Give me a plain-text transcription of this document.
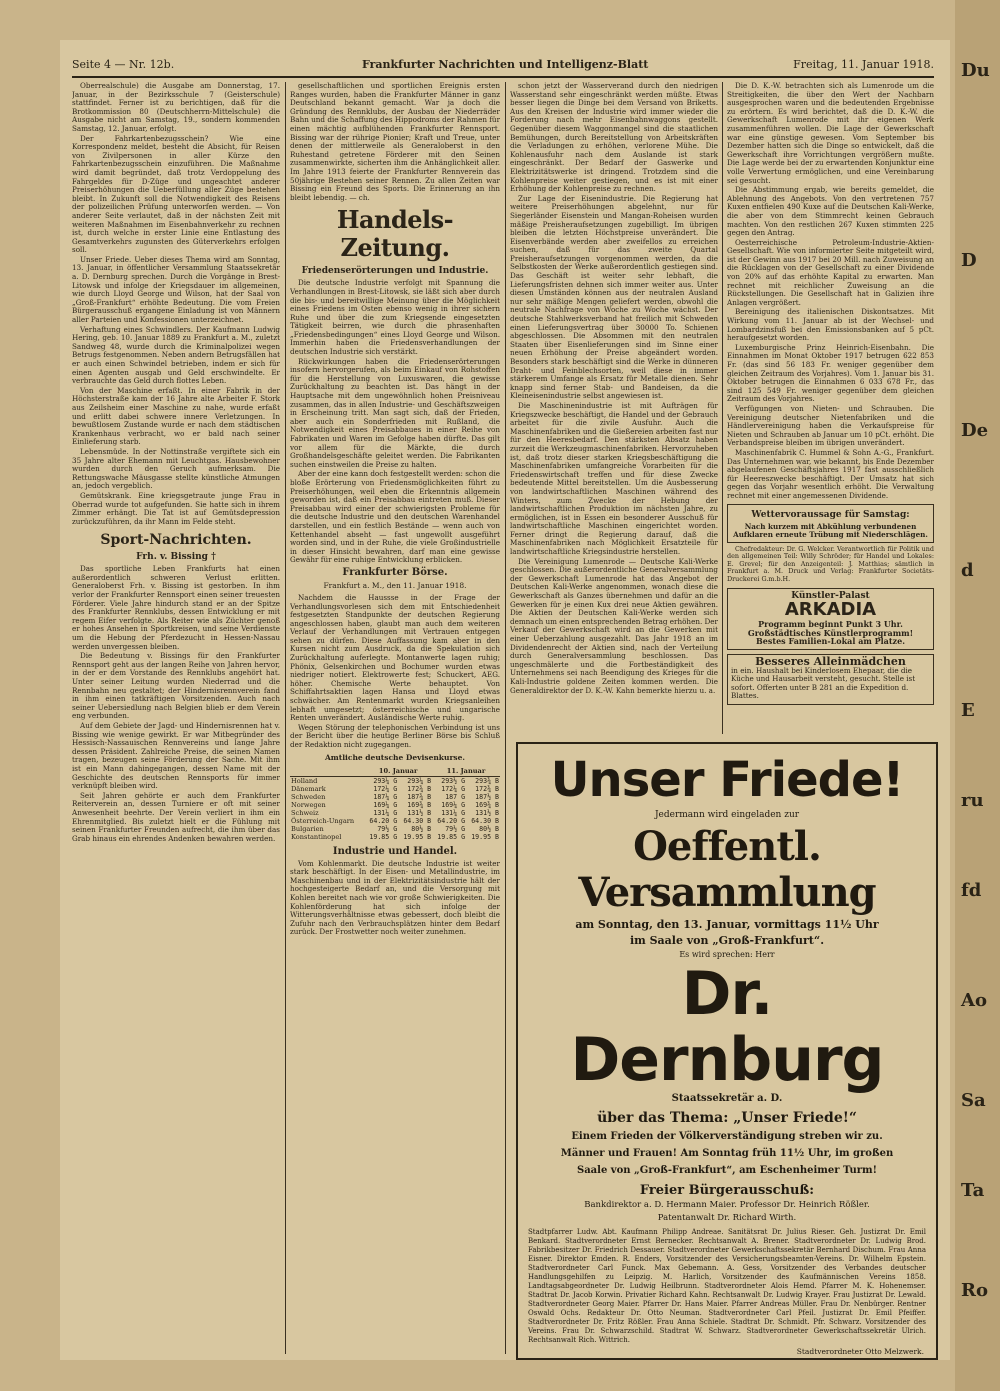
Du
D
De
d
E
ru
fd
Ao
Sa
Ta
Ro
Seite 4 — Nr. 12b.	Frankfurter Nachrichten und Intelligenz-Blatt	Freitag, 11. Januar 1918.

Oberrealschule) die Ausgabe am Donnerstag, 17. Januar, in der Bezirksschule 7 (Geisterschule) stattfindet. Ferner ist zu berichtigen, daß für die Brotkommission 80 (Deutschherrn-Mittelschule) die Ausgabe nicht am Samstag, 19., sondern kommenden Samstag, 12. Januar, erfolgt.

Der Fahrkartenbezugsschein? Wie eine Korrespondenz meldet, besteht die Absicht, für Reisen von Zivilpersonen in aller Kürze den Fahrkartenbezugsschein einzuführen. Die Maßnahme wird damit begründet, daß trotz Verdoppelung des Fahrgeldes für D-Züge und ungeachtet anderer Preiserhöhungen die Ueberfüllung aller Züge bestehen bleibt. In Zukunft soll die Notwendigkeit des Reisens der polizeilichen Prüfung unterworfen werden. — Von anderer Seite verlautet, daß in der nächsten Zeit mit weiteren Maßnahmen im Eisenbahnverkehr zu rechnen ist, durch welche in erster Linie eine Entlastung des Gesamtverkehrs zugunsten des Güterverkehrs erfolgen soll.

Unser Friede. Ueber dieses Thema wird am Sonntag, 13. Januar, in öffentlicher Versammlung Staatssekretär a. D. Dernburg sprechen. Durch die Vorgänge in Brest-Litowsk und infolge der Kriegsdauer im allgemeinen, wie durch Lloyd George und Wilson, hat der Saal von „Groß-Frankfurt“ erhöhte Bedeutung. Die vom Freien Bürgerausschuß ergangene Einladung ist von Männern aller Parteien und Konfessionen unterzeichnet.

Verhaftung eines Schwindlers. Der Kaufmann Ludwig Hering, geb. 10. Januar 1889 zu Frankfurt a. M., zuletzt Sandweg 48, wurde durch die Kriminalpolizei wegen Betrugs festgenommen. Neben andern Betrugsfällen hat er auch einen Schwindel betrieben, indem er sich für einen Agenten ausgab und Geld erschwindelte. Er verbrauchte das Geld durch flottes Leben.

Von der Maschine erfaßt. In einer Fabrik in der Höchsterstraße kam der 16 Jahre alte Arbeiter F. Stork aus Zeilsheim einer Maschine zu nahe, wurde erfaßt und erlitt dabei schwere innere Verletzungen. In bewußtlosem Zustande wurde er nach dem städtischen Krankenhaus verbracht, wo er bald nach seiner Einlieferung starb.

Lebensmüde. In der Nottinstraße vergiftete sich ein 35 Jahre alter Ehemann mit Leuchtgas. Hausbewohner wurden durch den Geruch aufmerksam. Die Rettungswache Mäusgasse stellte künstliche Atmungen an, jedoch vergeblich.

Gemütskrank. Eine kriegsgetraute junge Frau in Oberrad wurde tot aufgefunden. Sie hatte sich in ihrem Zimmer erhängt. Die Tat ist auf Gemütsdepression zurückzuführen, da ihr Mann im Felde steht.

Sport-Nachrichten.
Frh. v. Bissing †

Das sportliche Leben Frankfurts hat einen außerordentlich schweren Verlust erlitten. Generaloberst Frh. v. Bissing ist gestorben. In ihm verlor der Frankfurter Rennsport einen seiner treuesten Förderer. Viele Jahre hindurch stand er an der Spitze des Frankfurter Rennklubs, dessen Entwicklung er mit regem Eifer verfolgte. Als Reiter wie als Züchter genoß er hohes Ansehen in Sportkreisen, und seine Verdienste um die Hebung der Pferdezucht in Hessen-Nassau werden unvergessen bleiben.

Die Bedeutung v. Bissings für den Frankfurter Rennsport geht aus der langen Reihe von Jahren hervor, in der er dem Vorstande des Rennklubs angehört hat. Unter seiner Leitung wurden Niederrad und die Rennbahn neu gestaltet; der Hindernisrennverein fand in ihm einen tatkräftigen Vorsitzenden. Auch nach seiner Uebersiedlung nach Belgien blieb er dem Verein eng verbunden.

Auf dem Gebiete der Jagd- und Hindernisrennen hat v. Bissing wie wenige gewirkt. Er war Mitbegründer des Hessisch-Nassauischen Rennvereins und lange Jahre dessen Präsident. Zahlreiche Preise, die seinen Namen tragen, bezeugen seine Förderung der Sache. Mit ihm ist ein Mann dahingegangen, dessen Name mit der Geschichte des deutschen Rennsports für immer verknüpft bleiben wird.

Seit Jahren gehörte er auch dem Frankfurter Reiterverein an, dessen Turniere er oft mit seiner Anwesenheit beehrte. Der Verein verliert in ihm ein Ehrenmitglied. Bis zuletzt hielt er die Fühlung mit seinen Frankfurter Freunden aufrecht, die ihm über das Grab hinaus ein ehrendes Andenken bewahren werden.

gesellschaftlichen und sportlichen Ereignis ersten Ranges wurden, haben die Frankfurter Männer in ganz Deutschland bekannt gemacht. War ja doch die Gründung des Rennklubs, der Ausbau der Niederräder Bahn und die Schaffung des Hippodroms der Rahmen für einen mächtig aufblühenden Frankfurter Rennsport. Bissing war der rührige Pionier; Kraft und Treue, unter denen der mittlerweile als Generaloberst in den Ruhestand getretene Förderer mit den Seinen zusammenwirkte, sicherten ihm die Anhänglichkeit aller. Im Jahre 1913 feierte der Frankfurter Rennverein das 50jährige Bestehen seiner Rennen. Zu allen Zeiten war Bissing ein Freund des Sports. Die Erinnerung an ihn bleibt lebendig. — ch.

Handels-Zeitung.
Friedenserörterungen und Industrie.

Die deutsche Industrie verfolgt mit Spannung die Verhandlungen in Brest-Litowsk, sie läßt sich aber durch die bis- und bereitwillige Meinung über die Möglichkeit eines Friedens im Osten ebenso wenig in ihrer sichern Ruhe und über die zum Kriegsende eingesetzten Tätigkeit beirren, wie durch die phrasenhaften „Friedensbedingungen“ eines Lloyd George und Wilson. Immerhin haben die Friedensverhandlungen der deutschen Industrie sich verstärkt.

Rückwirkungen haben die Friedenserörterungen insofern hervorgerufen, als beim Einkauf von Rohstoffen für die Herstellung von Luxuswaren, die gewisse Zurückhaltung zu beachten ist. Das hängt in der Hauptsache mit dem ungewöhnlich hohen Preisniveau zusammen, das in allen Industrie- und Geschäftszweigen in Erscheinung tritt. Man sagt sich, daß der Frieden, aber auch ein Sonderfrieden mit Rußland, die Notwendigkeit eines Preisabbaues in einer Reihe von Fabrikaten und Waren im Gefolge haben dürfte. Das gilt vor allem für die Märkte, die durch Großhandelsgeschäfte geleitet werden. Die Fabrikanten suchen einstweilen die Preise zu halten.

Aber der eine kann doch festgestellt werden: schon die bloße Erörterung von Friedensmöglichkeiten führt zu Preiserhöhungen, weil eben die Erkenntnis allgemein geworden ist, daß ein Preisabbau eintreten muß. Dieser Preisabbau wird einer der schwierigsten Probleme für die deutsche Industrie und den deutschen Warenhandel darstellen, und ein festlich Bestände — wenn auch von Kettenhandel abseht — fast ungewollt ausgeführt worden sind, und in der Ruhe, die viele Großindustrielle in dieser Hinsicht bewahren, darf man eine gewisse Gewähr für eine ruhige Entwicklung erblicken.

Frankfurter Börse.
Frankfurt a. M., den 11. Januar 1918.

Nachdem die Haussse in der Frage der Verhandlungsvorlesen sich dem mit Entschiedenheit festgesetzten Standpunkte der deutschen Regierung angeschlossen haben, glaubt man auch dem weiteren Verlauf der Verhandlungen mit Vertrauen entgegen sehen zu dürfen. Diese Auffassung kam aber in den Kursen nicht zum Ausdruck, da die Spekulation sich Zurückhaltung auferlegte. Montanwerte lagen ruhig; Phönix, Gelsenkirchen und Bochumer wurden etwas niedriger notiert. Elektrowerte fest; Schuckert, AEG. höher. Chemische Werte behauptet. Von Schiffahrtsaktien lagen Hansa und Lloyd etwas schwächer. Am Rentenmarkt wurden Kriegsanleihen lebhaft umgesetzt; österreichische und ungarische Renten unverändert. Ausländische Werte ruhig.

Wegen Störung der telephonischen Verbindung ist uns der Bericht über die heutige Berliner Börse bis Schluß der Redaktion nicht zugegangen.

Amtliche deutsche Devisenkurse.
	10. Januar		11. Januar	
Holland	293¼ G	293¼ B	293½ G	293¾ B
Dänemark	172¼ G	172¾ B	172¼ G	172¾ B
Schweden	187¼ G	187¾ B	187 G	187½ B
Norwegen	169¼ G	169¾ B	169¼ G	169¾ B
Schweiz	131¼ G	131½ B	131¼ G	131½ B
Österreich-Ungarn	64.20 G	64.30 B	64.20 G	64.30 B
Bulgarien	79½ G	80½ B	79½ G	80½ B
Konstantinopel	19.85 G	19.95 B	19.85 G	19.95 B
Industrie und Handel.

Vom Kohlenmarkt. Die deutsche Industrie ist weiter stark beschäftigt. In der Eisen- und Metallindustrie, im Maschinenbau und in der Elektrizitätsindustrie hält der hochgesteigerte Bedarf an, und die Versorgung mit Kohlen bereitet nach wie vor große Schwierigkeiten. Die Kohlenförderung hat sich infolge der Witterungsverhältnisse etwas gebessert, doch bleibt die Zufuhr nach den Verbrauchsplätzen hinter dem Bedarf zurück. Der Frostwetter noch weiter zunehmen.

schon jetzt der Wasserverand durch den niedrigen Wasserstand sehr eingeschränkt werden müßte. Etwas besser liegen die Dinge bei dem Versand von Briketts. Aus den Kreisen der Industrie wird immer wieder die Forderung nach mehr Eisenbahnwaggons gestellt. Gegenüber diesem Waggonmangel sind die staatlichen Bemühungen, durch Bereitstellung von Arbeitskräften die Verladungen zu erhöhen, verlorene Mühe. Die Kohlenausfuhr nach dem Auslande ist stark eingeschränkt. Der Bedarf der Gaswerke und Elektrizitätswerke ist dringend. Trotzdem sind die Kohlenpreise weiter gestiegen, und es ist mit einer Erhöhung der Kohlenpreise zu rechnen.

Zur Lage der Eisenindustrie. Die Regierung hat weitere Preiserhöhungen abgelehnt, nur für Siegerländer Eisenstein und Mangan-Roheisen wurden mäßige Preisheraufsetzungen zugebilligt. Im übrigen bleiben die letzten Höchstpreise unverändert. Die Eisenverbände werden aber zweifellos zu erreichen suchen, daß für das zweite Quartal Preisheraufsetzungen vorgenommen werden, da die Selbstkosten der Werke außerordentlich gestiegen sind. Das Geschäft ist weiter sehr lebhaft, die Lieferungsfristen dehnen sich immer weiter aus. Unter diesen Umständen können aus der neutralen Ausland nur sehr mäßige Mengen geliefert werden, obwohl die neutrale Nachfrage von Woche zu Woche wächst. Der deutsche Stahlwerksverband hat freilich mit Schweden einen Lieferungsvertrag über 30000 To. Schienen abgeschlossen. Die Absommen mit den neutralen Staaten über Eisenlieferungen sind im Sinne einer neuen Erhöhung der Preise abgeändert worden. Besonders stark beschäftigt sind die Werke in dünneren Draht- und Feinblechsorten, weil diese in immer stärkerem Umfange als Ersatz für Metalle dienen. Sehr knapp sind ferner Stab- und Bandeisen, da die Kleineisenindustrie selbst angewiesen ist.

Die Maschinenindustrie ist mit Aufträgen für Kriegszwecke beschäftigt, die Handel und der Gebrauch arbeitet für die zivile Ausfuhr. Auch die Maschinenfabriken und die Gießereien arbeiten fast nur für den Heeresbedarf. Den stärksten Absatz haben zurzeit die Werkzeugmaschinenfabriken. Hervorzuheben ist, daß trotz dieser starken Kriegsbeschäftigung die Maschinenfabriken umfangreiche Vorarbeiten für die Friedenswirtschaft treffen und für diese Zwecke bedeutende Mittel bereitstellen. Um die Ausbesserung von landwirtschaftlichen Maschinen während des Winters, zum Zwecke der Hebung der landwirtschaftlichen Produktion im nächsten Jahre, zu ermöglichen, ist in Essen ein besonderer Ausschuß für landwirtschaftliche Maschinen eingerichtet worden. Ferner dringt die Regierung darauf, daß die Maschinenfabriken nach Möglichkeit Ersatzteile für landwirtschaftliche Kriegsindustrie herstellen.

Die Vereinigung Lumenrode — Deutsche Kali-Werke geschlossen. Die außerordentliche Generalversammlung der Gewerkschaft Lumenrode hat das Angebot der Deutschen Kali-Werke angenommen, wonach diese die Gewerkschaft als Ganzes übernehmen und dafür an die Gewerken für je einen Kux drei neue Aktien gewähren. Die Aktien der Deutschen Kali-Werke werden sich demnach um einen entsprechenden Betrag erhöhen. Der Verkauf der Gewerkschaft wird an die Gewerken mit einer Ueberzahlung ausgezahlt. Das Jahr 1918 an im Dividendenrecht der Aktien sind, nach der Verteilung durch Generalversammlung beschlossen. Das ungeschmälerte und die Fortbeständigkeit des Unternehmens sei nach Beendigung des Krieges für die Kali-Industrie goldene Zeiten kommen werden. Die Generaldirektor der D. K.-W. Kahn bemerkte hierzu u. a.

Die D. K.-W. betrachten sich als Lumenrode um die Streitigkeiten, die über den Wert der Nachbarn ausgesprochen waren und die bedeutenden Ergebnisse zu erörtern. Es wird berichtet, daß die D. K.-W. die Gewerkschaft Lumenrode mit ihr eigenen Werk zusammenführen wollen. Die Lage der Gewerkschaft war eine günstige gewesen. Vom September bis Dezember hatten sich die Dinge so entwickelt, daß die Gewerkschaft ihre Vorrichtungen vergrößern mußte. Die Lage werde bei der zu erwartenden Konjunktur eine volle Verwertung ermöglichen, und eine Vereinbarung sei gesucht.

Die Abstimmung ergab, wie bereits gemeldet, die Ablehnung des Angebots. Von den vertretenen 757 Kuxen entfielen 490 Kuxe auf die Deutschen Kali-Werke, die aber von dem Stimmrecht keinen Gebrauch machten. Von den restlichen 267 Kuxen stimmten 225 gegen den Antrag.

Oesterreichische Petroleum-Industrie-Aktien-Gesellschaft. Wie von informierter Seite mitgeteilt wird, ist der Gewinn aus 1917 bei 20 Mill. nach Zuweisung an die Rücklagen von der Gesellschaft zu einer Dividende von 20% auf das erhöhte Kapital zu erwarten. Man rechnet mit reichlicher Zuweisung an die Rückstellungen. Die Gesellschaft hat in Galizien ihre Anlagen vergrößert.

Bereinigung des italienischen Diskontsatzes. Mit Wirkung vom 11. Januar ab ist der Wechsel- und Lombardzinsfuß bei den Emissionsbanken auf 5 pCt. heraufgesetzt worden.

Luxemburgische Prinz Heinrich-Eisenbahn. Die Einnahmen im Monat Oktober 1917 betrugen 622 853 Fr. (das sind 56 183 Fr. weniger gegenüber dem gleichen Zeitraum des Vorjahres). Vom 1. Januar bis 31. Oktober betrugen die Einnahmen 6 033 678 Fr., das sind 125 549 Fr. weniger gegenüber dem gleichen Zeitraum des Vorjahres.

Verfügungen von Nieten- und Schrauben. Die Vereinigung deutscher Nietenfabriken und die Händlervereinigung haben die Verkaufspreise für Nieten und Schrauben ab Januar um 10 pCt. erhöht. Die Verbandspreise bleiben im übrigen unverändert.

Maschinenfabrik C. Hummel & Sohn A.-G., Frankfurt. Das Unternehmen war, wie bekannt, bis Ende Dezember abgelaufenen Geschäftsjahres 1917 fast ausschließlich für Heereszwecke beschäftigt. Der Umsatz hat sich gegen das Vorjahr wesentlich erhöht. Die Verwaltung rechnet mit einer angemessenen Dividende.

Wettervoraussage für Samstag:
Nach kurzem mit Abkühlung verbundenen Aufklaren erneute Trübung mit Niederschlägen.

Chefredakteur: Dr. G. Welcker. Verantwortlich für Politik und den allgemeinen Teil: Willy Schröder; für Handel und Lokales: E. Grevel; für den Anzeigenteil: J. Matthias; sämtlich in Frankfurt a. M. Druck und Verlag: Frankfurter Societäts-Druckerei G.m.b.H.

Künstler-Palast
ARKADIA
Programm beginnt Punkt 3 Uhr.
Großstädtisches Künstlerprogramm!
Bestes Familien-Lokal am Platze.
Besseres Alleinmädchen
in ein. Haushalt bei Kinderlosem Ehepaar, die die Küche und Hausarbeit versteht, gesucht. Stelle ist sofort. Offerten unter B 281 an die Expedition d. Blattes.
Unser Friede!
Jedermann wird eingeladen zur
Oeffentl. Versammlung
am Sonntag, den 13. Januar, vormittags 11½ Uhr
im Saale von „Groß-Frankfurt“.
Es wird sprechen: Herr
Dr. Dernburg
Staatssekretär a. D.
über das Thema: „Unser Friede!“
Einem Frieden der Völkerverständigung streben wir zu.
Männer und Frauen! Am Sonntag früh 11½ Uhr, im großen
Saale von „Groß-Frankfurt“, am Eschenheimer Turm!
Freier Bürgerausschuß:
Bankdirektor a. D. Hermann Maier. Professor Dr. Heinrich Rößler.
Patentanwalt Dr. Richard Wirth.
Stadtpfarrer Ludw. Abt. Kaufmann Philipp Andreae. Sanitätsrat Dr. Julius Rieser. Geh. Justizrat Dr. Emil Benkard. Stadtverordneter Ernst Bernecker. Rechtsanwalt A. Brener. Stadtverordneter Dr. Ludwig Brod. Fabrikbesitzer Dr. Friedrich Dessauer. Stadtverordneter Gewerkschaftssekretär Bernhard Dischum. Frau Anna Eisner. Direktor Emden. R. Enders, Vorsitzender des Versicherungsbeamten-Vereins. Dr. Wilhelm Epstein. Stadtverordneter Carl Funck. Max Gebemann. A. Gess, Vorsitzender des Verbandes deutscher Handlungsgehilfen zu Leipzig. M. Harlich, Vorsitzender des Kaufmännischen Vereins 1858. Landtagsabgeordneter Dr. Ludwig Heilbrunn. Stadtverordneter Alois Hemd. Pfarrer M. K. Hohenemser. Stadtrat Dr. Jacob Korwin. Privatier Richard Kahn. Rechtsanwalt Dr. Ludwig Krayer. Frau Justizrat Dr. Lewald. Stadtverordneter Georg Maier. Pfarrer Dr. Hans Maier. Pfarrer Andreas Müller. Frau Dr. Nenbürger. Rentner Oswald Ochs. Redakteur Dr. Otto Neuman. Stadtverordneter Carl Pfeil. Justizrat Dr. Emil Pfeiffer. Stadtverordneter Dr. Fritz Rößler. Frau Anna Schiele. Stadtrat Dr. Schmidt. Pfr. Schwarz. Vorsitzender des Vereins. Frau Dr. Schwarzschild. Stadtrat W. Schwarz. Stadtverordneter Gewerkschaftssekretär Ulrich. Rechtsanwalt Rich. Wittrich.
Stadtverordneter Otto Melzwerk.
